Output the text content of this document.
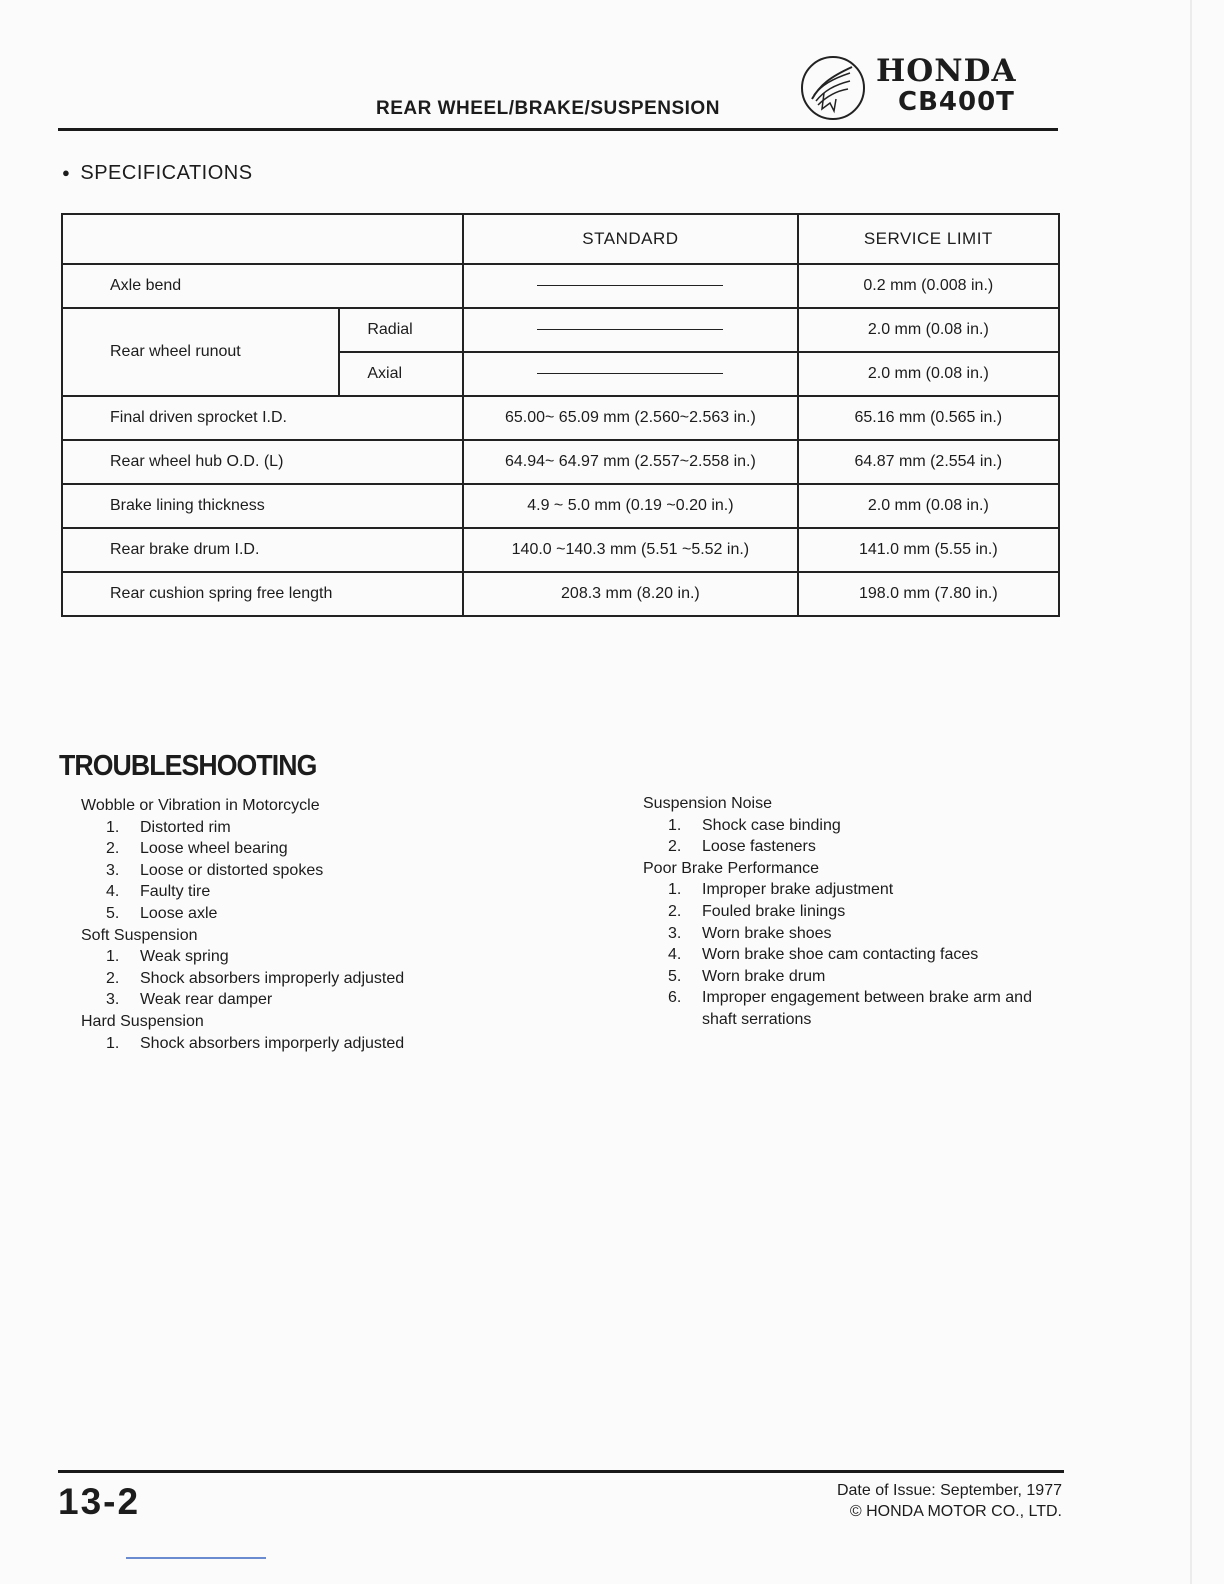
REAR WHEEL/BRAKE/SUSPENSION
HONDA
CB400T
● SPECIFICATIONS
		STANDARD	SERVICE LIMIT
Axle bend			0.2 mm (0.008 in.)
Rear wheel runout	Radial		2.0 mm (0.08 in.)
	Axial		2.0 mm (0.08 in.)
Final driven sprocket I.D.		65.00~ 65.09 mm (2.560~2.563 in.)	65.16 mm (0.565 in.)
Rear wheel hub O.D. (L)		64.94~ 64.97 mm (2.557~2.558 in.)	64.87 mm (2.554 in.)
Brake lining thickness		4.9 ~ 5.0 mm (0.19 ~0.20 in.)	2.0 mm (0.08 in.)
Rear brake drum I.D.		140.0 ~140.3 mm (5.51 ~5.52 in.)	141.0 mm (5.55 in.)
Rear cushion spring free length		208.3 mm (8.20 in.)	198.0 mm (7.80 in.)
TROUBLESHOOTING
Wobble or Vibration in Motorcycle
1. Distorted rim
2. Loose wheel bearing
3. Loose or distorted spokes
4. Faulty tire
5. Loose axle
Soft Suspension
1. Weak spring
2. Shock absorbers improperly adjusted
3. Weak rear damper
Hard Suspension
1. Shock absorbers imporperly adjusted
Suspension Noise
1. Shock case binding
2. Loose fasteners
Poor Brake Performance
1. Improper brake adjustment
2. Fouled brake linings
3. Worn brake shoes
4. Worn brake shoe cam contacting faces
5. Worn brake drum
6. Improper engagement between brake arm and shaft serrations
13-2	Date of Issue: September, 1977
© HONDA MOTOR CO., LTD.
